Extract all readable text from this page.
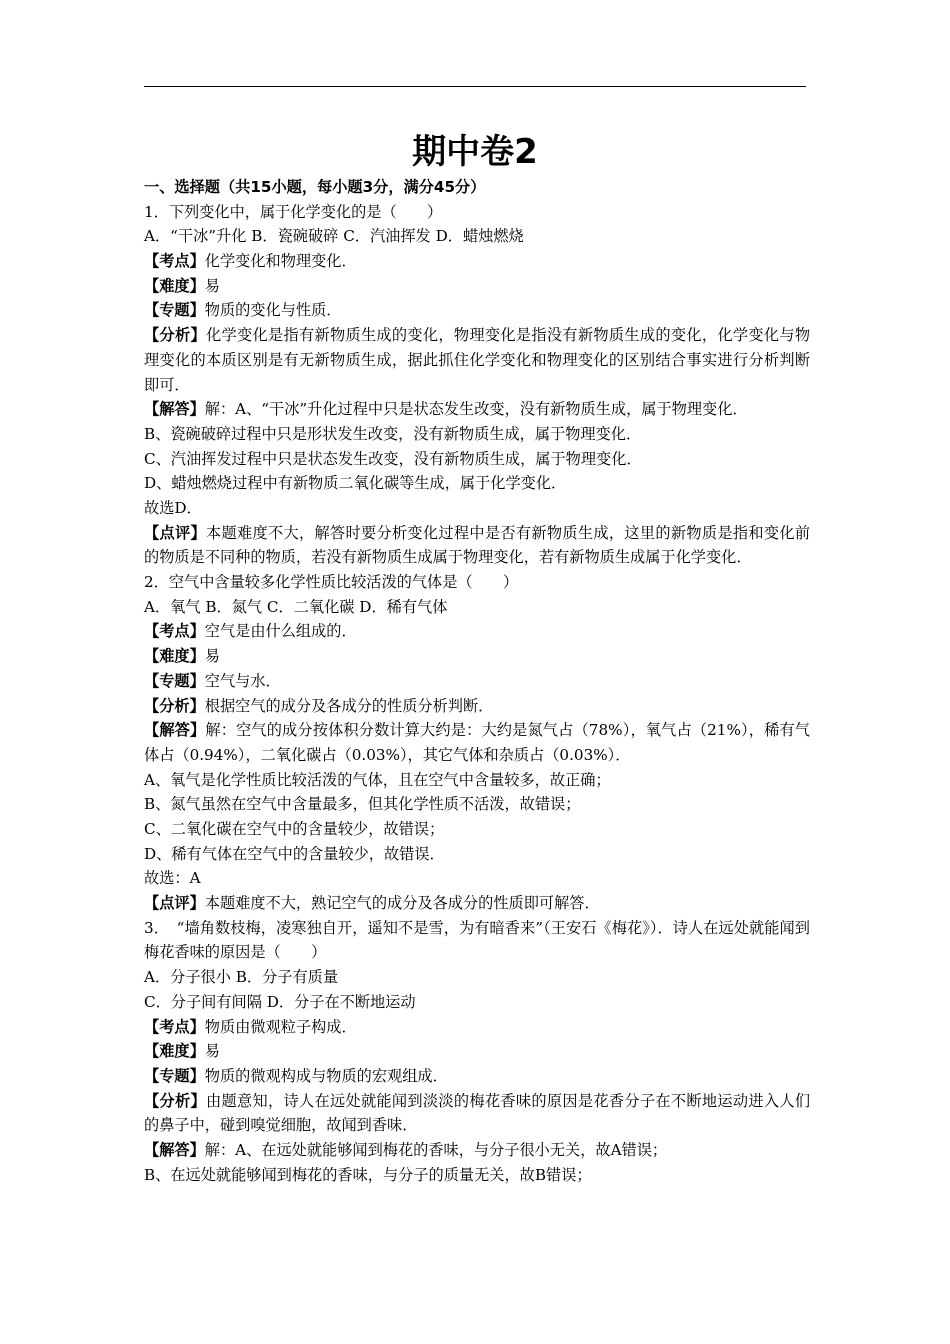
期中卷2
一、选择题（共15小题，每小题3分，满分45分）
1．下列变化中，属于化学变化的是（　　）
A．“干冰”升化 B．瓷碗破碎 C．汽油挥发 D．蜡烛燃烧
【考点】化学变化和物理变化．
【难度】易
【专题】物质的变化与性质．
【分析】化学变化是指有新物质生成的变化，物理变化是指没有新物质生成的变化，化学变化与物理变化的本质区别是有无新物质生成，据此抓住化学变化和物理变化的区别结合事实进行分析判断即可．
【解答】解：A、“干冰”升化过程中只是状态发生改变，没有新物质生成，属于物理变化．
B、瓷碗破碎过程中只是形状发生改变，没有新物质生成，属于物理变化．
C、汽油挥发过程中只是状态发生改变，没有新物质生成，属于物理变化．
D、蜡烛燃烧过程中有新物质二氧化碳等生成，属于化学变化．
故选D．
【点评】本题难度不大，解答时要分析变化过程中是否有新物质生成，这里的新物质是指和变化前的物质是不同种的物质，若没有新物质生成属于物理变化，若有新物质生成属于化学变化．
2．空气中含量较多化学性质比较活泼的气体是（　　）
A．氧气 B．氮气 C．二氧化碳 D．稀有气体
【考点】空气是由什么组成的．
【难度】易
【专题】空气与水．
【分析】根据空气的成分及各成分的性质分析判断．
【解答】解：空气的成分按体积分数计算大约是：大约是氮气占（78%），氧气占（21%），稀有气体占（0.94%），二氧化碳占（0.03%），其它气体和杂质占（0.03%）．
A、氧气是化学性质比较活泼的气体，且在空气中含量较多，故正确；
B、氮气虽然在空气中含量最多，但其化学性质不活泼，故错误；
C、二氧化碳在空气中的含量较少，故错误；
D、稀有气体在空气中的含量较少，故错误．
故选：A
【点评】本题难度不大，熟记空气的成分及各成分的性质即可解答．
3．　“墙角数枝梅，凌寒独自开，遥知不是雪，为有暗香来”（王安石《梅花》）．诗人在远处就能闻到梅花香味的原因是（　　）
A．分子很小 B．分子有质量
C．分子间有间隔 D．分子在不断地运动
【考点】物质由微观粒子构成．
【难度】易
【专题】物质的微观构成与物质的宏观组成．
【分析】由题意知，诗人在远处就能闻到淡淡的梅花香味的原因是花香分子在不断地运动进入人们的鼻子中，碰到嗅觉细胞，故闻到香味．
【解答】解：A、在远处就能够闻到梅花的香味，与分子很小无关，故A错误；
B、在远处就能够闻到梅花的香味，与分子的质量无关，故B错误；
